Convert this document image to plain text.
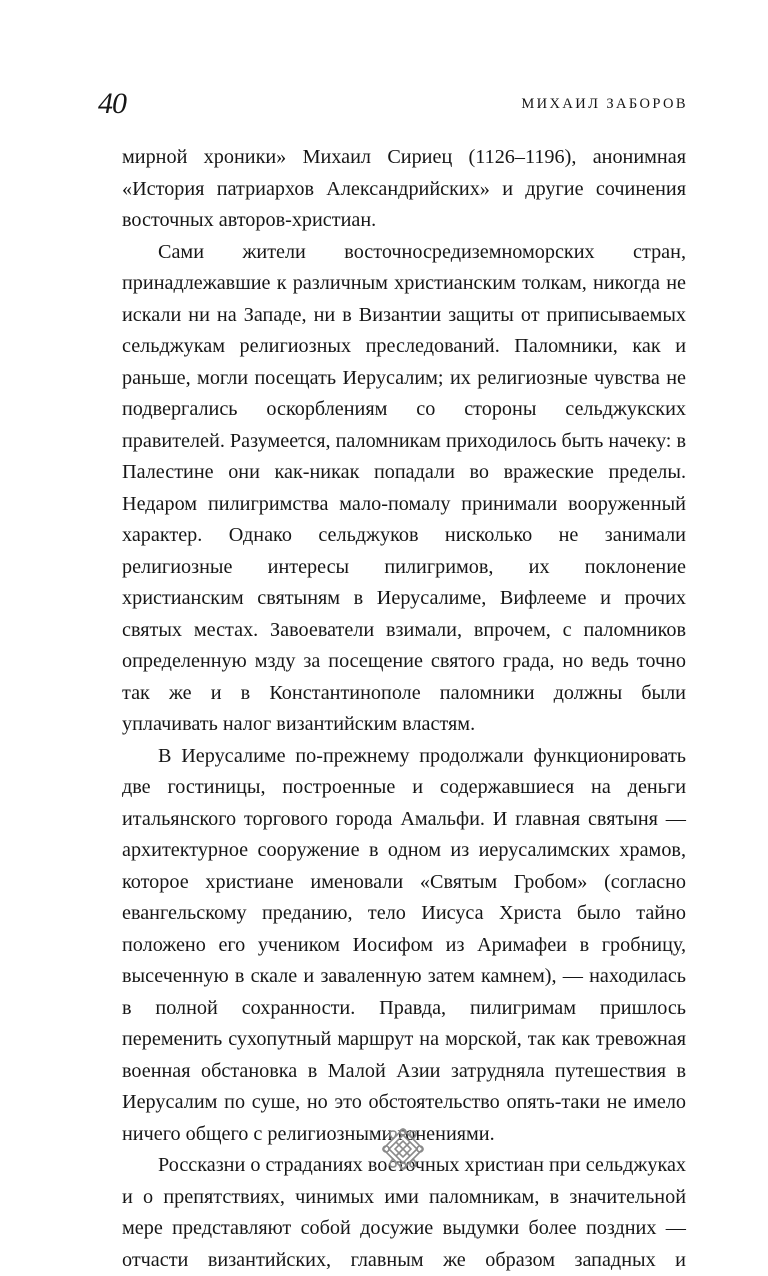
40	МИХАИЛ ЗАБОРОВ

мирной хроники» Михаил Сириец (1126–1196), анонимная «История патриархов Александрийских» и другие сочинения восточных авторов-христиан.

Сами жители восточносредиземноморских стран, принадлежавшие к различным христианским толкам, никогда не искали ни на Западе, ни в Византии защиты от приписываемых сельджукам религиозных преследований. Паломники, как и раньше, могли посещать Иерусалим; их религиозные чувства не подвергались оскорблениям со стороны сельджукских правителей. Разумеется, паломникам приходилось быть начеку: в Палестине они как-никак попадали во вражеские пределы. Недаром пилигримства мало-помалу принимали вооруженный характер. Однако сельджуков нисколько не занимали религиозные интересы пилигримов, их поклонение христианским святыням в Иерусалиме, Вифлееме и прочих святых местах. Завоеватели взимали, впрочем, с паломников определенную мзду за посещение святого града, но ведь точно так же и в Константинополе паломники должны были уплачивать налог византийским властям.

В Иерусалиме по-прежнему продолжали функционировать две гостиницы, построенные и содержавшиеся на деньги итальянского торгового города Амальфи. И главная святыня — архитектурное сооружение в одном из иерусалимских храмов, которое христиане именовали «Святым Гробом» (согласно евангельскому преданию, тело Иисуса Христа было тайно положено его учеником Иосифом из Аримафеи в гробницу, высеченную в скале и заваленную затем камнем), — находилась в полной сохранности. Правда, пилигримам пришлось переменить сухопутный маршрут на морской, так как тревожная военная обстановка в Малой Азии затрудняла путешествия в Иерусалим по суше, но это обстоятельство опять-таки не имело ничего общего с религиозными гонениями.

Россказни о страданиях восточных христиан при сельджуках и о препятствиях, чинимых ими паломникам, в значительной мере представляют собой досужие выдумки более поздних — отчасти византийских, главным же образом западных и
